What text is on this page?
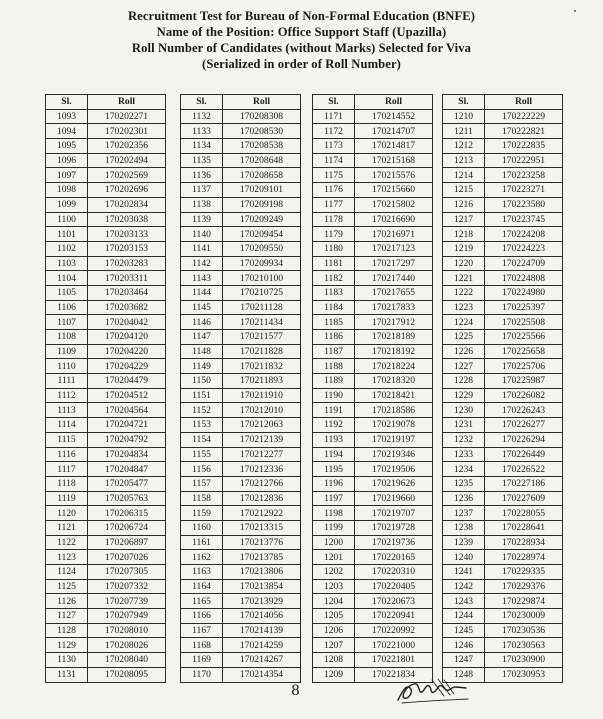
Recruitment Test for Bureau of Non-Formal Education (BNFE)
Name of the Position: Office Support Staff (Upazilla)
Roll Number of Candidates (without Marks) Selected for Viva
(Serialized in order of Roll Number)
Sl.	Roll
1093	170202271
1094	170202301
1095	170202356
1096	170202494
1097	170202569
1098	170202696
1099	170202834
1100	170203038
1101	170203133
1102	170203153
1103	170203283
1104	170203311
1105	170203464
1106	170203682
1107	170204042
1108	170204120
1109	170204220
1110	170204229
1111	170204479
1112	170204512
1113	170204564
1114	170204721
1115	170204792
1116	170204834
1117	170204847
1118	170205477
1119	170205763
1120	170206315
1121	170206724
1122	170206897
1123	170207026
1124	170207305
1125	170207332
1126	170207739
1127	170207949
1128	170208010
1129	170208026
1130	170208040
1131	170208095
Sl.	Roll
1132	170208308
1133	170208530
1134	170208538
1135	170208648
1136	170208658
1137	170209101
1138	170209198
1139	170209249
1140	170209454
1141	170209550
1142	170209934
1143	170210100
1144	170210725
1145	170211128
1146	170211434
1147	170211577
1148	170211828
1149	170211832
1150	170211893
1151	170211910
1152	170212010
1153	170212063
1154	170212139
1155	170212277
1156	170212336
1157	170212766
1158	170212836
1159	170212922
1160	170213315
1161	170213776
1162	170213785
1163	170213806
1164	170213854
1165	170213929
1166	170214056
1167	170214139
1168	170214259
1169	170214267
1170	170214354
Sl.	Roll
1171	170214552
1172	170214707
1173	170214817
1174	170215168
1175	170215576
1176	170215660
1177	170215802
1178	170216690
1179	170216971
1180	170217123
1181	170217297
1182	170217440
1183	170217655
1184	170217833
1185	170217912
1186	170218189
1187	170218192
1188	170218224
1189	170218320
1190	170218421
1191	170218586
1192	170219078
1193	170219197
1194	170219346
1195	170219506
1196	170219626
1197	170219660
1198	170219707
1199	170219728
1200	170219736
1201	170220165
1202	170220310
1203	170220405
1204	170220673
1205	170220941
1206	170220992
1207	170221000
1208	170221801
1209	170221834
Sl.	Roll
1210	170222229
1211	170222821
1212	170222835
1213	170222951
1214	170223258
1215	170223271
1216	170223580
1217	170223745
1218	170224208
1219	170224223
1220	170224709
1221	170224808
1222	170224980
1223	170225397
1224	170225508
1225	170225566
1226	170225658
1227	170225706
1228	170225987
1229	170226082
1230	170226243
1231	170226277
1232	170226294
1233	170226449
1234	170226522
1235	170227186
1236	170227609
1237	170228055
1238	170228641
1239	170228934
1240	170228974
1241	170229335
1242	170229376
1243	170229874
1244	170230009
1245	170230536
1246	170230563
1247	170230900
1248	170230953
8
